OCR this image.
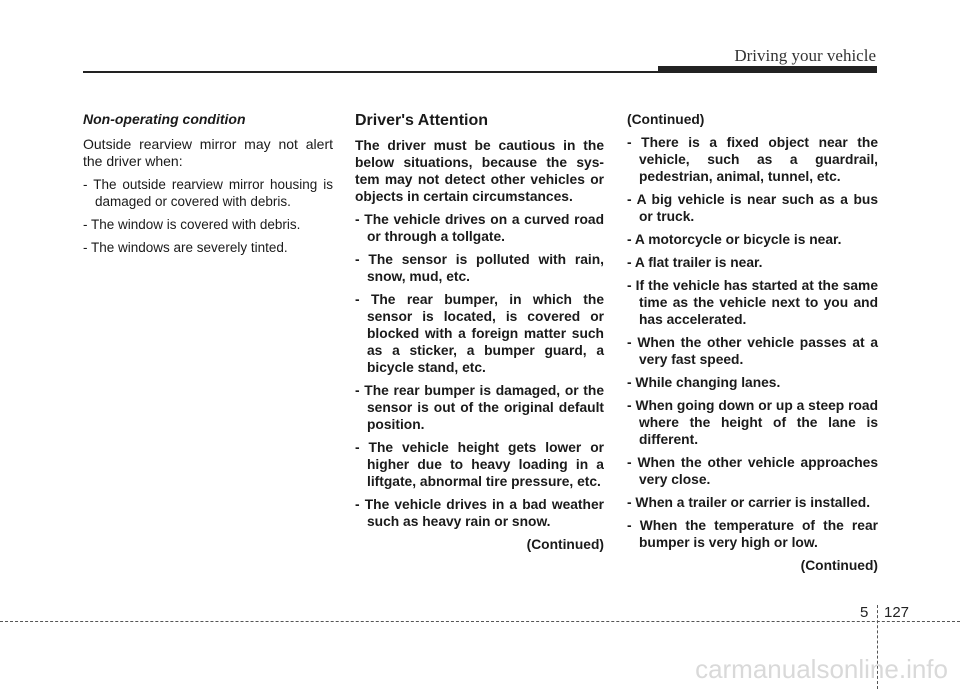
Driving your vehicle
Non-operating condition
Outside rearview mirror may not alert the driver when:
- The outside rearview mirror housing is damaged or covered with debris.
- The window is covered with debris.
- The windows are severely tinted.
Driver's Attention
The driver must be cautious in the below situations, because the sys-tem may not detect other vehicles or objects in certain circumstances.
- The vehicle drives on a curved road or through a tollgate.
- The sensor is polluted with rain, snow, mud, etc.
- The rear bumper, in which the sensor is located, is covered or blocked with a foreign matter such as a sticker, a bumper guard, a bicycle stand, etc.
- The rear bumper is damaged, or the sensor is out of the original default position.
- The vehicle height gets lower or higher due to heavy loading in a liftgate, abnormal tire pressure, etc.
- The vehicle drives in a bad weather such as heavy rain or snow.
(Continued)
(Continued)
- There is a fixed object near the vehicle, such as a guardrail, pedestrian, animal, tunnel, etc.
- A big vehicle is near such as a bus or truck.
- A motorcycle or bicycle is near.
- A flat trailer is near.
- If the vehicle has started at the same time as the vehicle next to you and has accelerated.
- When the other vehicle passes at a very fast speed.
- While changing lanes.
- When going down or up a steep road where the height of the lane is different.
- When the other vehicle approaches very close.
- When a trailer or carrier is installed.
- When the temperature of the rear bumper is very high or low.
(Continued)
5 127
carmanualsonline.info
